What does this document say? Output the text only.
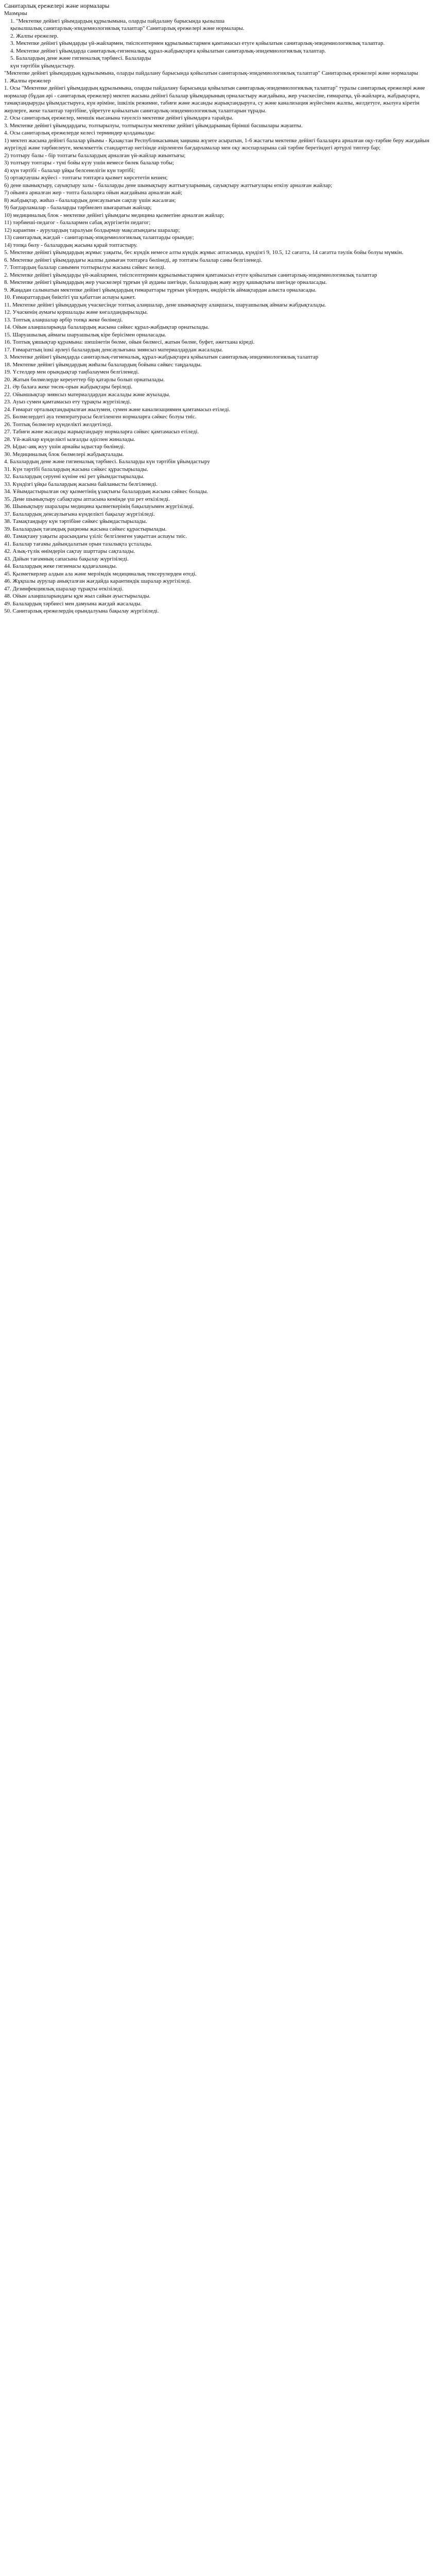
Санитарлық ережелері және нормалары
Мазмұны
1. "Мектепке дейінгі ұйымдардың құрылымына, оларды пайдалану барысында қызылша
қызылшалық санитарлық-эпидемиологиялық талаптар" Санитарлық ережелері және нормалары.
2. Жалпы ережелер.
3. Мектепке дейінгі ұйымдарды үй-жайлармен, тиіспсептермен құрылымыстармен қамтамасыз етуге қойылатын санитарлық-эпидемиологиялық талаптар.
4. Мектепке дейінгі ұйымдарда санитарлық-гигиеналық, құрал-жабдықтарға қойылатын санитарлық-эпидемиологиялық талаптар.
5. Балалардың дене және гигиеналық тәрбиесі. Балаларды
күн тәртібін ұйымдастыру.

"Мектепке дейінгі ұйымдардың құрылымына, оларды пайдалану барысында қойылатын санитарлық-эпидемиологиялық талаптар" Санитарлық ережелері және нормалары

1. Жалпы ережелер

1. Осы "Мектепке дейінгі ұйымдардың құрылымына, оларды пайдалану барысында қойылатын санитарлық-эпидемиологиялық талаптар" туралы санитарлық ережелері және нормалар (бұдан әрі - санитарлық ережелер) мектеп жасына дейінгі балалар ұйымдарының орналастыру жағдайына, жер учаскесіне, ғимаратқа, үй-жайларға, жабдықтарға, тамақтандыруды ұйымдастыруға, күн әріміне, ішкілік режимне, табиғи және жасанды жарықтандыруға, су және канализация жүйесімен жалпы, желдетуге, жылуға кіретін жерлерге, жеке талаптар тәртібіне, үйретуге қойылатын санитарлық-эпидемиологиялық талаптарын тұрады.

2. Осы санитарлық ережелер, меншік нысанына тәуелсіз мектепке дейінгі ұйымдарға тарайды.

3. Мектепке дейінгі ұйымдардағы, толтырылуы, толтырылуы мектепке дейінгі ұйымдарының бірінші басшылары жауапты.

4. Осы санитарлық ережелерде келесі терминдер қолданылды:

1) мектеп жасына дейінгі балалар ұйымы - Қазақстан Республикасының заңнама жүзеге асыратын, 1-6 жастағы мектепке дейінгі балаларға арналған оқу-тәрбие беру жағдайын жүргізуді және тәрбиелеуге, мемлекеттік стандарттар негізінде әзірленген бағдарламалар мен оқу жоспарларына сай тәрбие беретіндегі әртүрлі типтер бар;

2) толтыру балы - бір топтағы балалардың арналған үй-жайлар жиынтығы;

3) толтыру топтары - түні бойы күзу ушін немесе бөлек балалар тобы;

4) күн тәртібі - балалар ұйқы белсенелігін күн тәртібі;

5) ортақтаушы жүйесі - топтағы топтарға қызмет көрсететін кешен;

6) дене шынықтыру, сауықтыру залы - балаларды дене шынықтыру жаттығуларының, сауықтыру жаттығулары өткізу арналған жайлар;

7) ойынға арналған жер - топта балаларға ойын жағдайына арналған жай;

8) жабдықтар, жиһаз - балалардың денсаулығын сақтау үшін жасалған;

9) бағдарламалар - балаларды тәрбиелеп шығаратын жайлар;

10) медициналық блок - мектепке дейінгі ұйымдағы медицина қызметіне арналған жайлар;

11) тәрбиеші-педагог - балалармен сабақ жүргізетін педагог;

12) карантин - аурулардың таралуын болдырмау мақсатындағы шаралар;

13) санитарлық жағдай - санитарлық-эпидемиологиялық талаптарды орындау;

14) топқа бөлу - балалардың жасына қарай топтастыру.

5. Мектепке дейінгі ұйымдардың жұмыс уақыты, бес күндік немесе алты күндік жұмыс аптасында, күндізгі 9, 10.5, 12 сағатта, 14 сағатта тәулік бойы болуы мүмкін.

6. Мектепке дейінгі ұйымдардағы жалпы дамыған топтарға бөлінеді, әр топтағы балалар саны белгіленеді.

7. Топтардың балалар санымен толтырылуы жасына сәйкес келеді.

2. Мектепке дейінгі ұйымдарды үй-жайлармен, тиіспсептермен құрылымыстармен қамтамасыз етуге қойылатын санитарлық-эпидемиологиялық талаптар

8. Мектепке дейінгі ұйымдардың жер учаскелері тұрғын үй ауданы шегінде, балалардың жаяу жүру қашықтығы шегінде орналасады.

9. Жаңадан салынатын мектепке дейінгі ұйымдардың ғимараттары тұрғын үйлерден, өндірістік аймақтардан алыста орналасады.

10. Ғимараттардың биіктігі үш қабаттан аспауы қажет.

11. Мектепке дейінгі ұйымдардың учаскесінде топтық алаңшалар, дене шынықтыру алаңшасы, шаруашылық аймағы жабдықталады.

12. Учаскенің аумағы қоршалады және көгалдандырылады.

13. Топтық алаңшалар әрбір топқа жеке бөлінеді.

14. Ойын алаңшаларында балалардың жасына сәйкес құрал-жабдықтар орнатылады.

15. Шаруашылық аймағы шаруашылық кіре берісімен орналасады.

16. Топтық ұяшықтар құрамына: шешінетін бөлме, ойын бөлмесі, жатын бөлме, буфет, әжетхана кіреді.

17. Ғимараттың ішкі әрлеуі балалардың денсаулығына зиянсыз материалдардан жасалады.

3. Мектепке дейінгі ұйымдарда санитарлық-гигиеналық, құрал-жабдықтарға қойылатын санитарлық-эпидемиологиялық талаптар

18. Мектепке дейінгі ұйымдардың жиһазы балалардың бойына сәйкес таңдалады.

19. Үстелдер мен орындықтар таңбалаумен белгіленеді.

20. Жатын бөлмелерде кереуеттер бір қатарлы болып орнатылады.

21. Әр балаға жеке төсек-орын жабдықтары беріледі.

22. Ойыншықтар зиянсыз материалдардан жасалады және жуылады.

23. Ауыз сумен қамтамасыз ету тұрақты жүргізіледі.

24. Ғимарат орталықтандырылған жылумен, сумен және канализациямен қамтамасыз етіледі.

25. Бөлмелердегі ауа температурасы белгіленген нормаларға сәйкес болуы тиіс.

26. Топтық бөлмелер күнделікті желдетіледі.

27. Табиғи және жасанды жарықтандыру нормаларға сәйкес қамтамасыз етіледі.

28. Үй-жайлар күнделікті ылғалды әдіспен жиналады.

29. Ыдыс-аяқ жуу үшін арнайы ыдыстар бөлінеді.

30. Медициналық блок бөлмелері жабдықталады.

4. Балалардың дене және гигиеналық тәрбиесі. Балаларды күн тәртібін ұйымдастыру

31. Күн тәртібі балалардың жасына сәйкес құрастырылады.

32. Балалардың серуені күніне екі рет ұйымдастырылады.

33. Күндізгі ұйқы балалардың жасына байланысты белгіленеді.

34. Ұйымдастырылған оқу қызметінің ұзақтығы балалардың жасына сәйкес болады.

35. Дене шынықтыру сабақтары аптасына кемінде үш рет өткізіледі.

36. Шынықтыру шаралары медицина қызметкерінің бақылауымен жүргізіледі.

37. Балалардың денсаулығына күнделікті бақылау жүргізіледі.

38. Тамақтандыру күн тәртібіне сәйкес ұйымдастырылады.

39. Балалардың тағамдық рационы жасына сәйкес құрастырылады.

40. Тамақтану уақыты арасындағы үзіліс белгіленген уақыттан аспауы тиіс.

41. Балалар тағамы дайындалатын орын тазалықта ұсталады.

42. Азық-түлік өнімдерін сақтау шарттары сақталады.

43. Дайын тағамның сапасына бақылау жүргізіледі.

44. Балалардың жеке гигиенасы қадағаланады.

45. Қызметкерлер алдын ала және мерзімдік медициналық тексерулерден өтеді.

46. Жұқпалы аурулар анықталған жағдайда карантиндік шаралар жүргізіледі.

47. Дезинфекциялық шаралар тұрақты өткізіледі.

48. Ойын алаңшаларындағы құм жыл сайын ауыстырылады.

49. Балалардың тәрбиесі мен дамуына жағдай жасалады.

50. Санитарлық ережелердің орындалуына бақылау жүргізіледі.
